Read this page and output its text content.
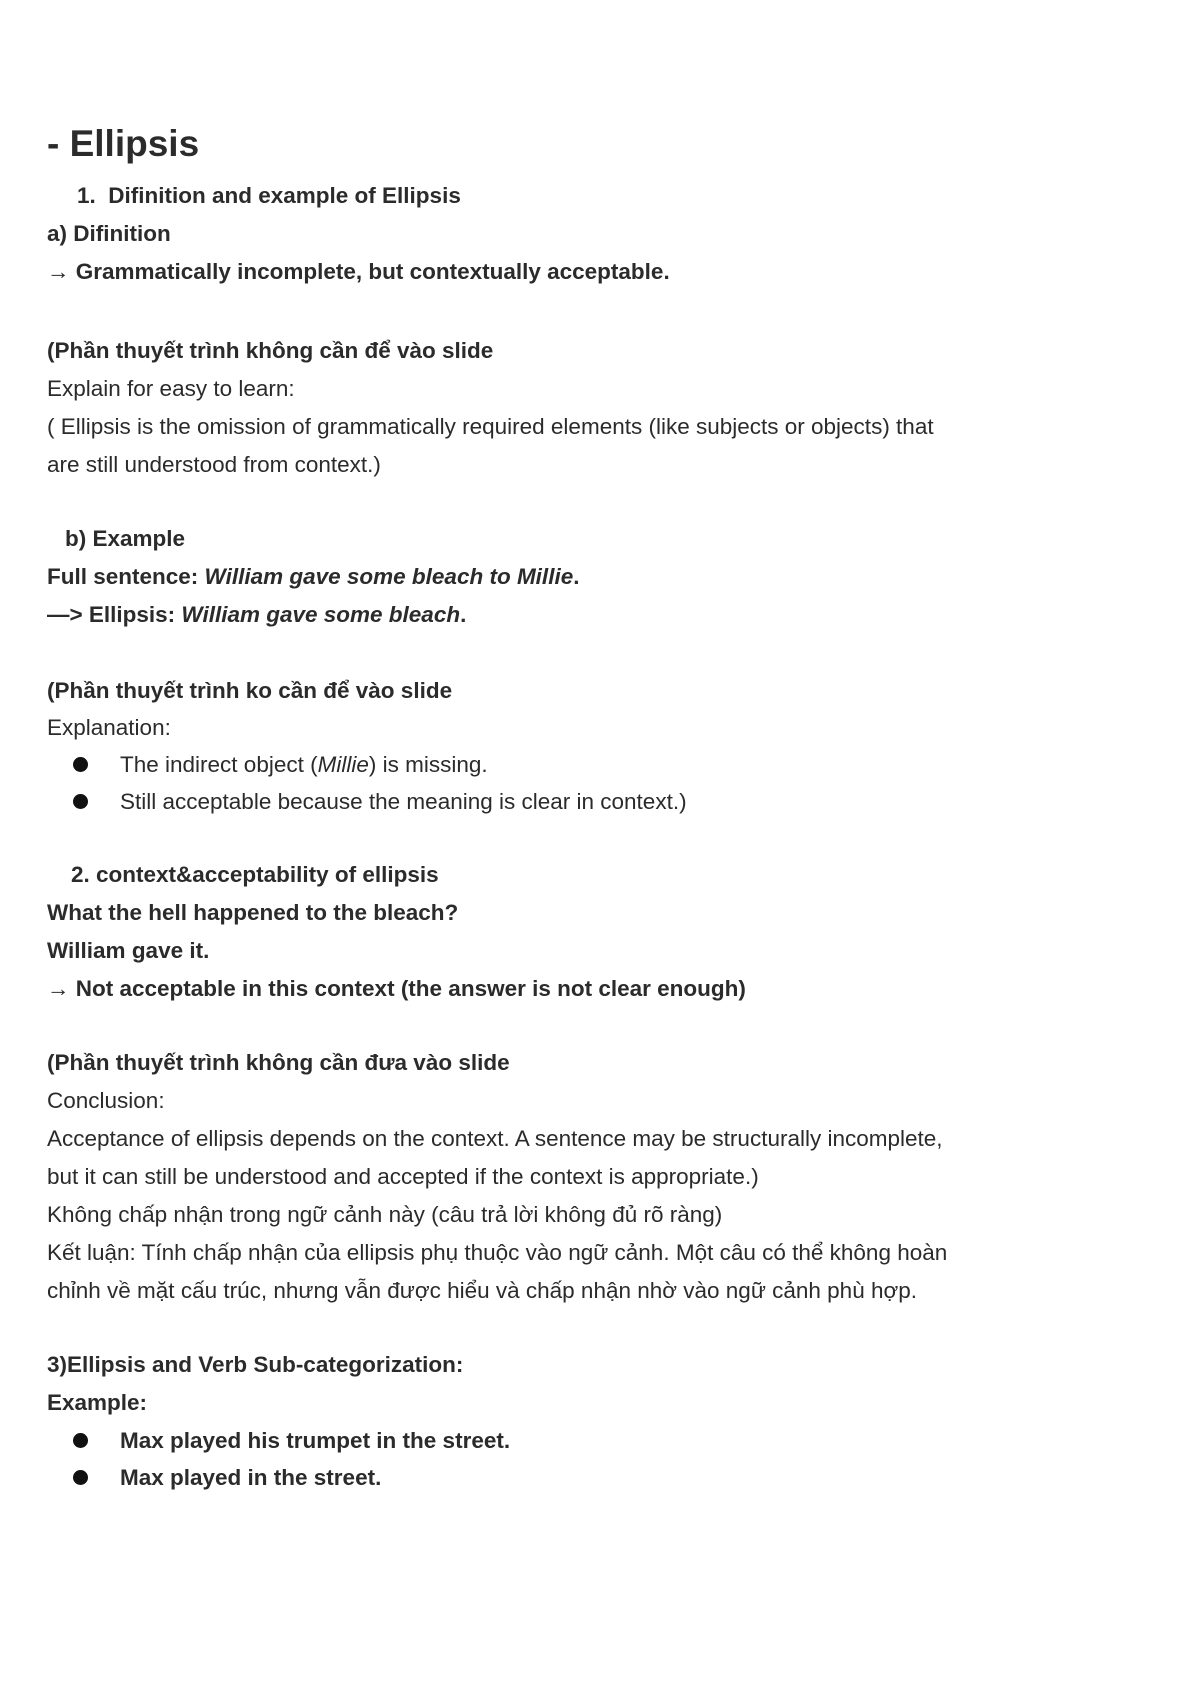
- Ellipsis
1. Difinition and example of Ellipsis
a) Difinition
→ Grammatically incomplete, but contextually acceptable.
(Phần thuyết trình không cần để vào slide
Explain for easy to learn:
( Ellipsis is the omission of grammatically required elements (like subjects or objects) that
are still understood from context.)
b) Example
Full sentence: William gave some bleach to Millie.
—> Ellipsis: William gave some bleach.
(Phần thuyết trình ko cần để vào slide
Explanation:
The indirect object (Millie) is missing.
Still acceptable because the meaning is clear in context.)
2. context&acceptability of ellipsis
What the hell happened to the bleach?
William gave it.
→ Not acceptable in this context (the answer is not clear enough)
(Phần thuyết trình không cần đưa vào slide
Conclusion:
Acceptance of ellipsis depends on the context. A sentence may be structurally incomplete,
but it can still be understood and accepted if the context is appropriate.)
Không chấp nhận trong ngữ cảnh này (câu trả lời không đủ rõ ràng)
Kết luận: Tính chấp nhận của ellipsis phụ thuộc vào ngữ cảnh. Một câu có thể không hoàn
chỉnh về mặt cấu trúc, nhưng vẫn được hiểu và chấp nhận nhờ vào ngữ cảnh phù hợp.
3)Ellipsis and Verb Sub-categorization:
Example:
Max played his trumpet in the street.
Max played in the street.
